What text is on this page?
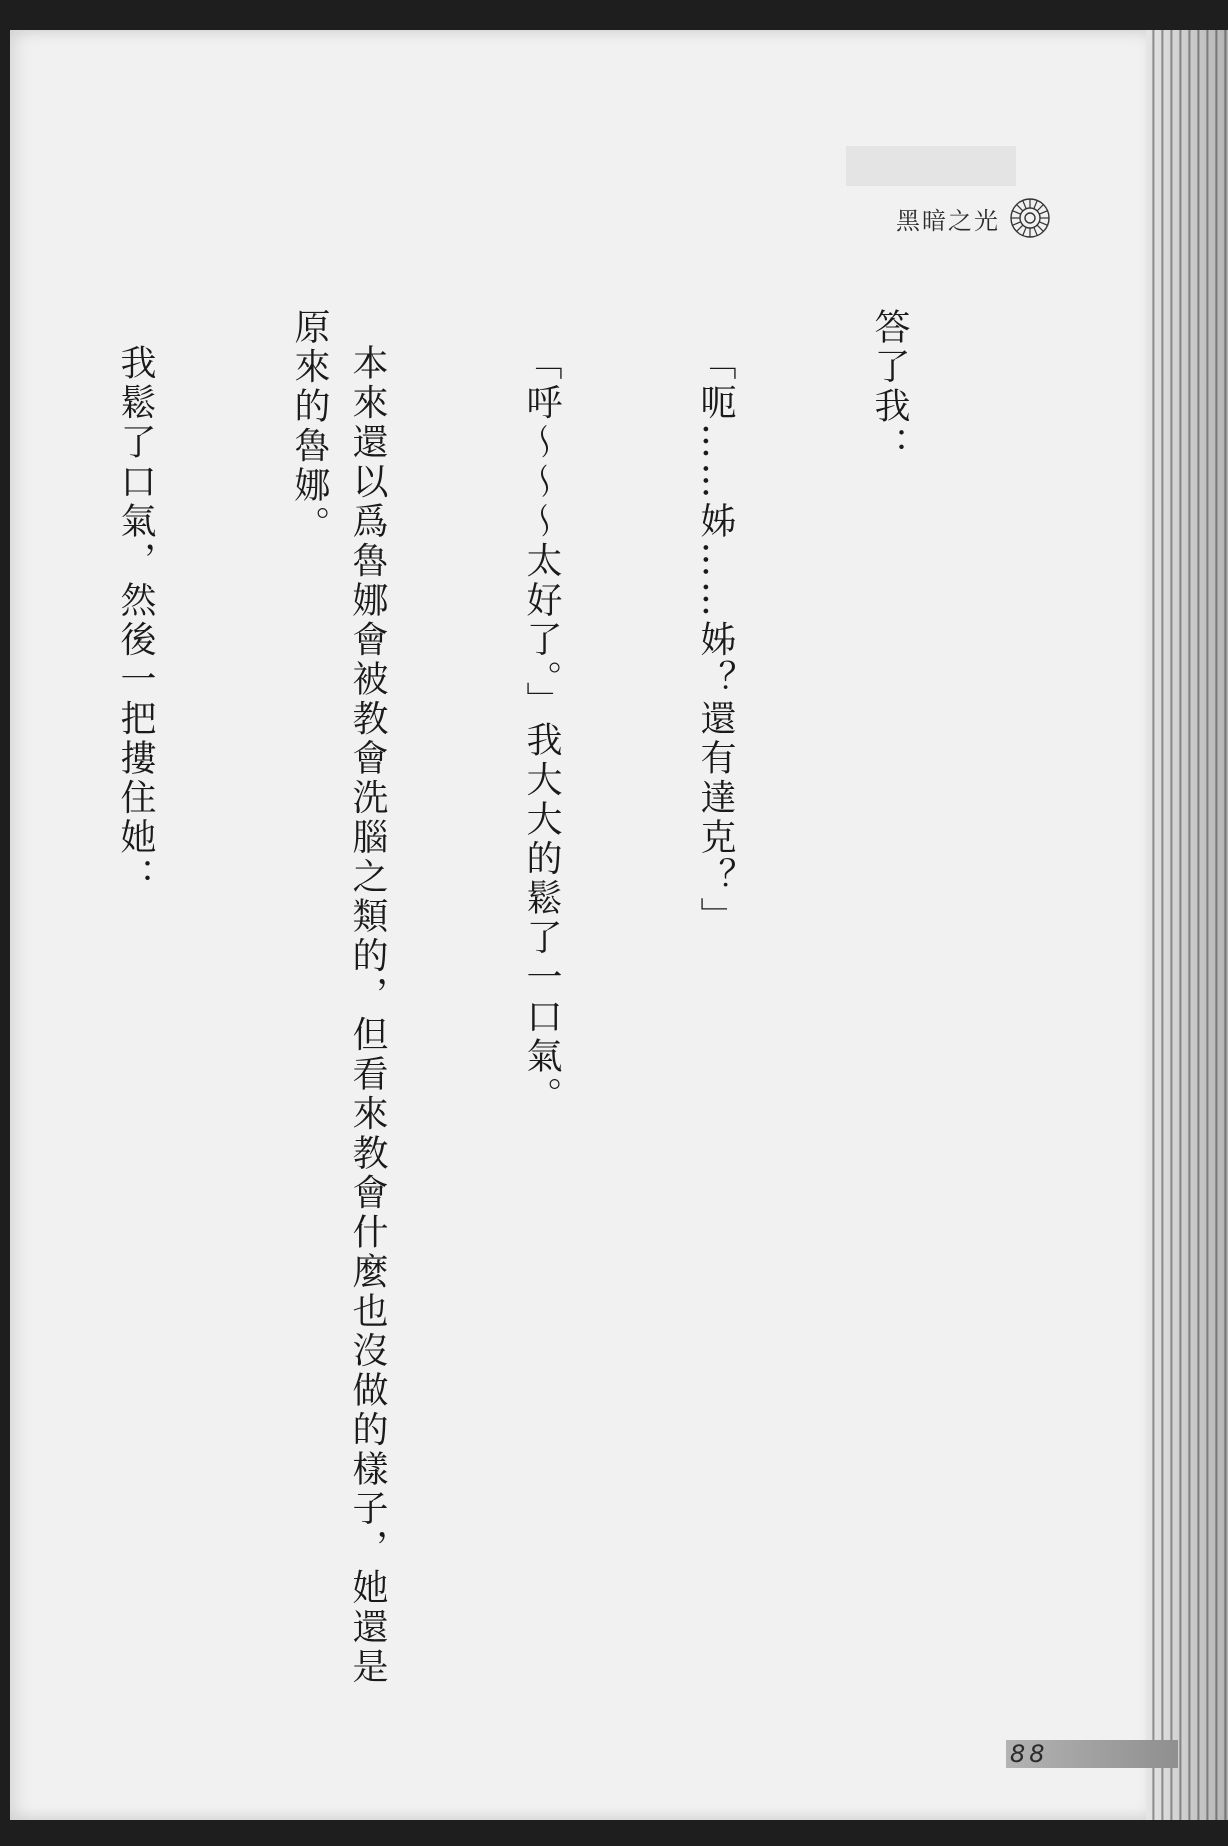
黑暗之光

答了我：

「呃……姊……姊？還有達克？」

「呼～～～太好了。」我大大的鬆了一口氣。

本來還以爲魯娜會被教會洗腦之類的，但看來教會什麼也沒做的樣子，她還是原來的魯娜。

我鬆了口氣，然後一把摟住她：

88
